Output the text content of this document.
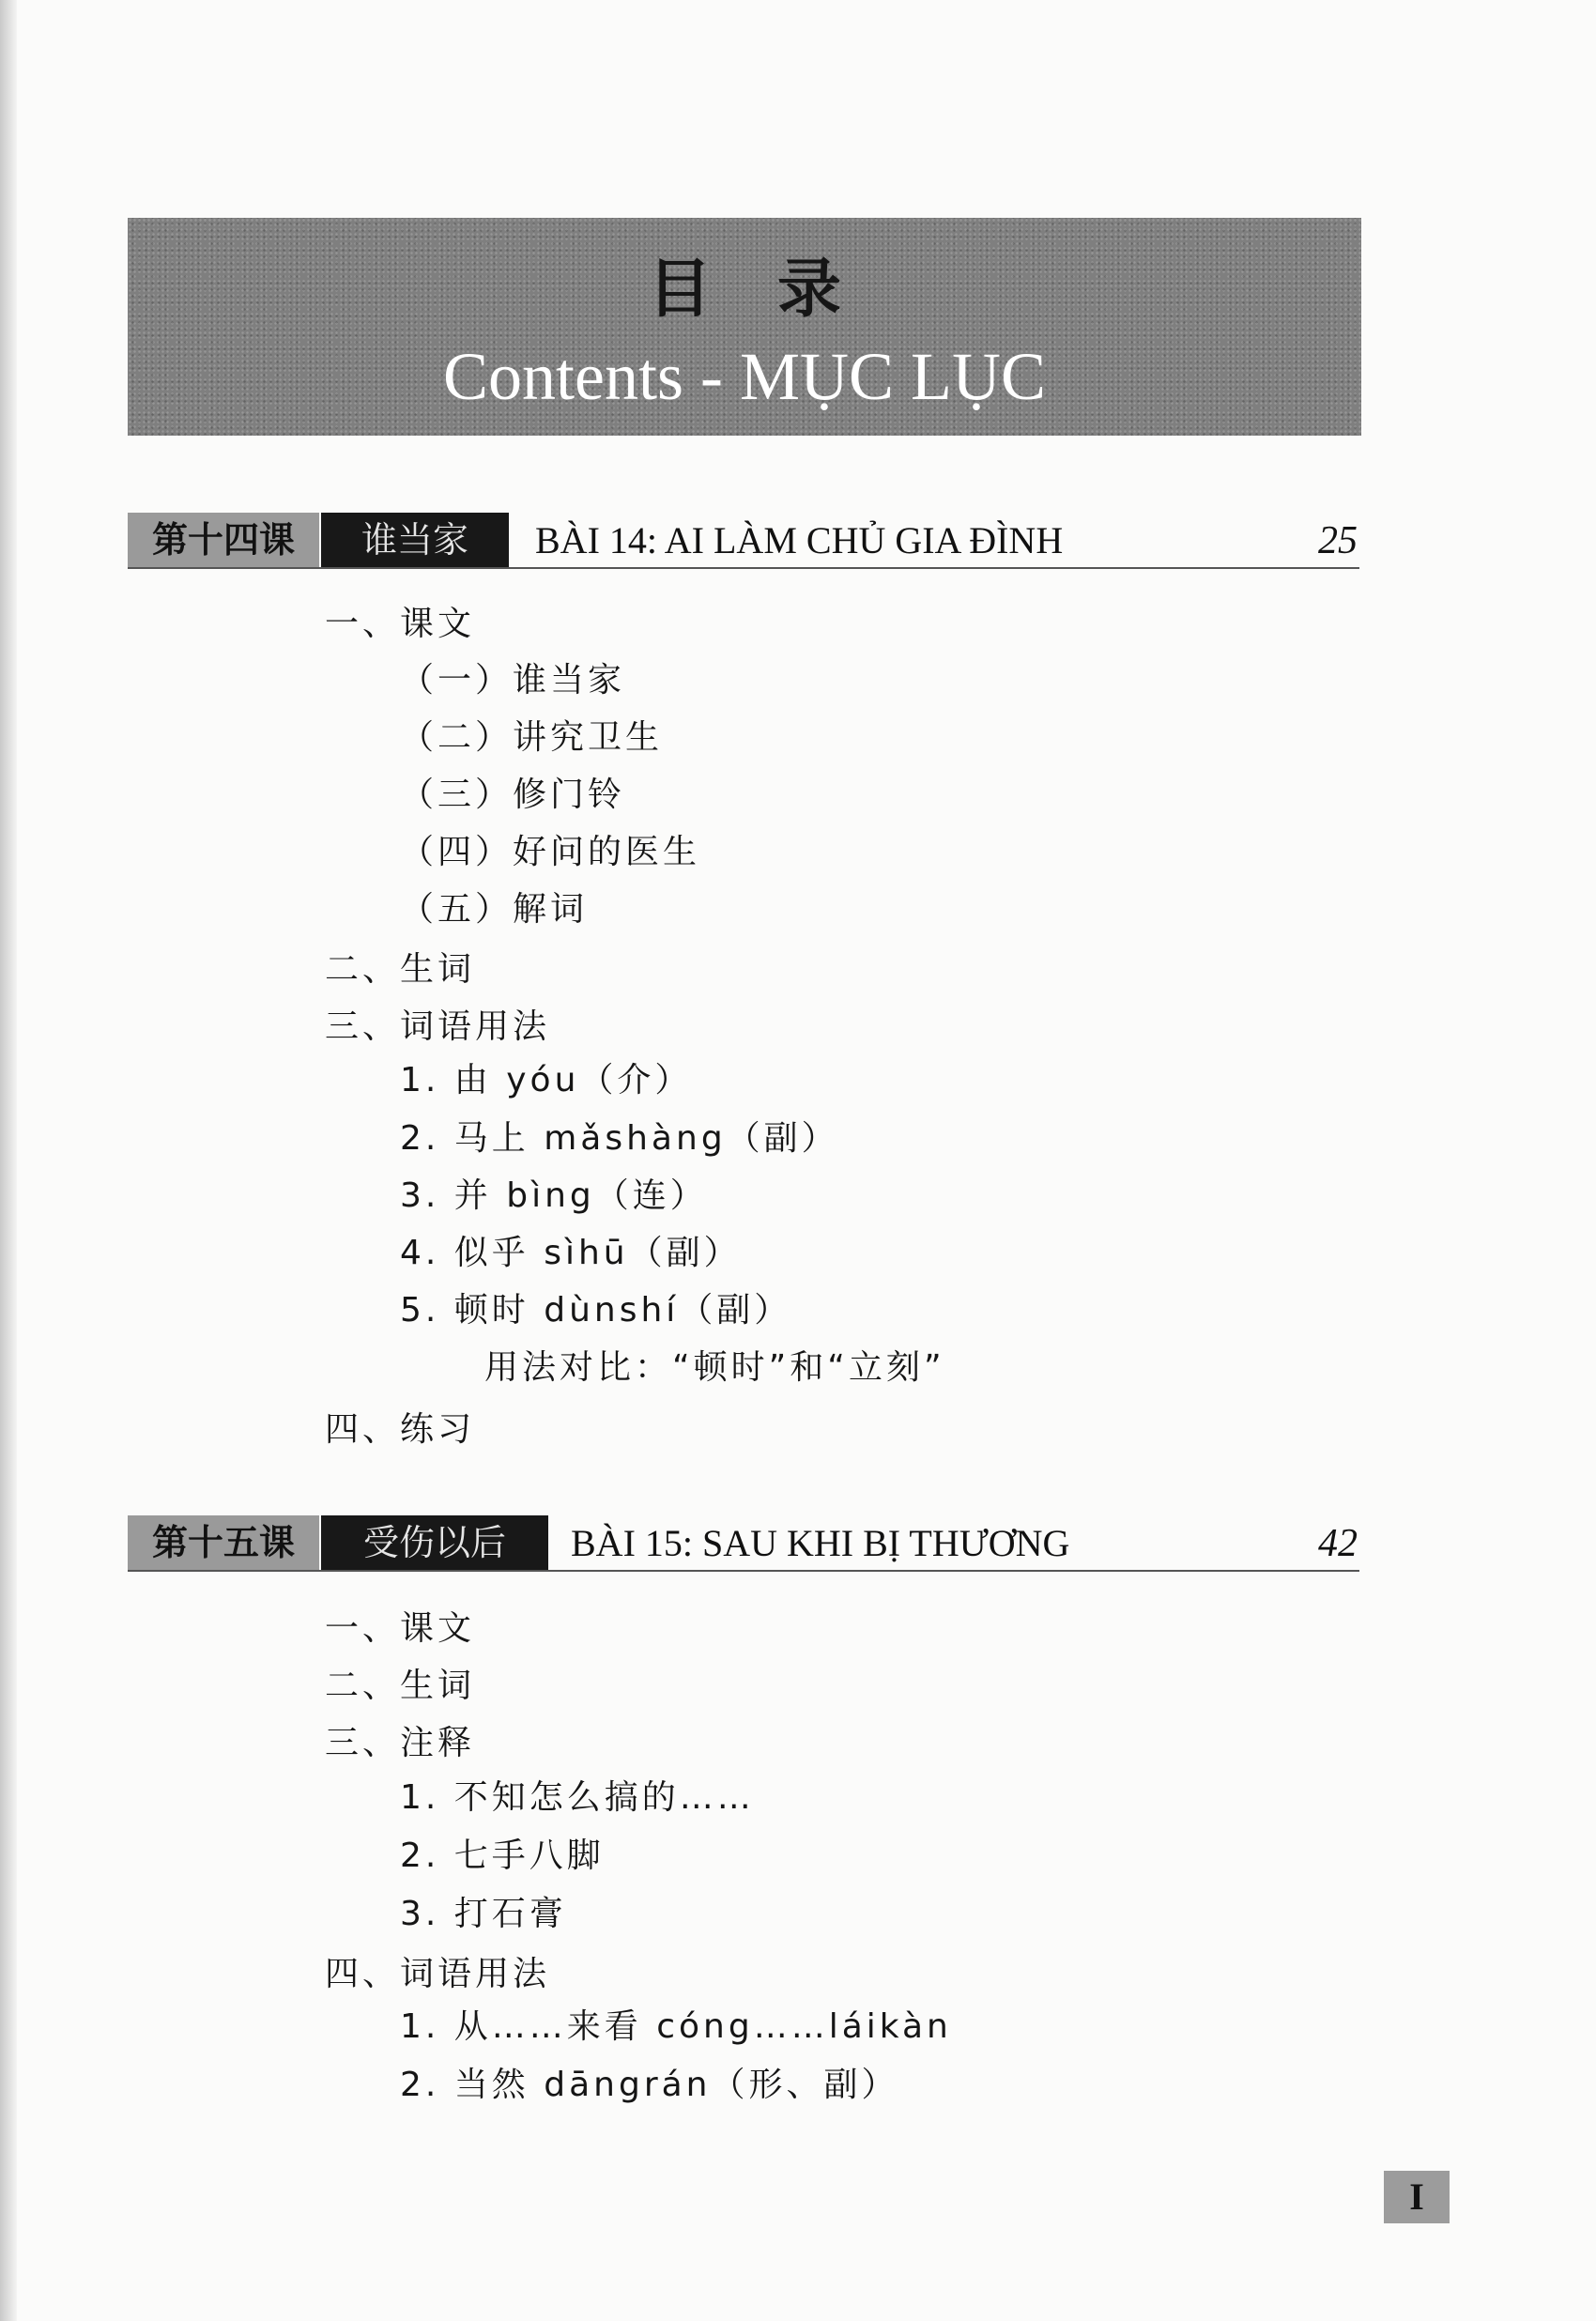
目录
Contents - MỤC LỤC
第十四课	谁当家	BÀI 14: AI LÀM CHỦ GIA ĐÌNH	25
一、课文
（一）谁当家
（二）讲究卫生
（三）修门铃
（四）好问的医生
（五）解词
二、生词
三、词语用法
1. 由 yóu（介）
2. 马上 mǎshàng（副）
3. 并 bìng（连）
4. 似乎 sìhū（副）
5. 顿时 dùnshí（副）
用法对比：“顿时”和“立刻”
四、练习
第十五课	受伤以后	BÀI 15: SAU KHI BỊ THƯƠNG	42
一、课文
二、生词
三、注释
1. 不知怎么搞的……
2. 七手八脚
3. 打石膏
四、词语用法
1. 从……来看 cóng……láikàn
2. 当然 dāngrán（形、副）
I
